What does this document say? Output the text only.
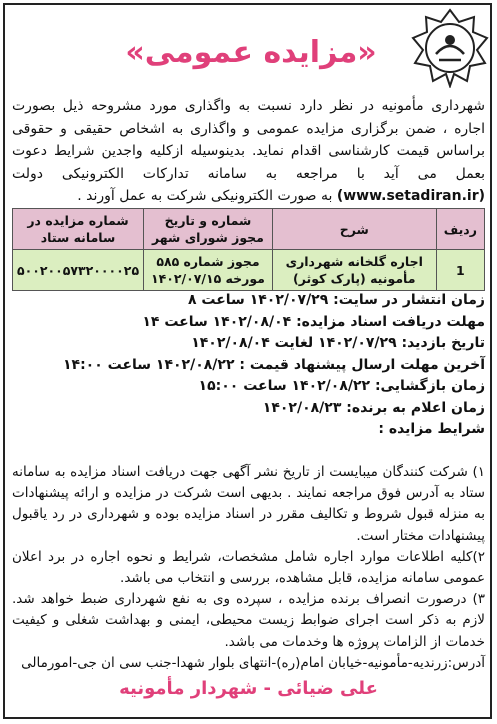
«مزایده عمومی»
شهرداری مأمونیه در نظر دارد نسبت به واگذاری مورد مشروحه ذیل بصورت اجاره ، ضمن برگزاری مزایده عمومی و واگذاری به اشخاص حقیقی و حقوقی براساس قیمت کارشناسی اقدام نماید. بدینوسیله ازکلیه واجدین شرایط دعوت بعمل می آید با مراجعه به سامانه تدارکات الکترونیکی دولت (www.setadiran.ir) به صورت الکترونیکی شرکت به عمل آورند .
ردیف	شرح	شماره و تاریخ مجوز شورای شهر	شماره مزایده در سامانه ستاد
1	اجاره گلخانه شهرداری مأمونیه (پارک کوثر)	مجوز شماره ۵۸۵ مورخه ۱۴۰۲/۰۷/۱۵	۵۰۰۲۰۰۵۷۳۲۰۰۰۰۲۵
زمان انتشار در سایت: ۱۴۰۲/۰۷/۲۹ ساعت ۸
مهلت دریافت اسناد مزایده: ۱۴۰۲/۰۸/۰۴ ساعت ۱۴
تاریخ بازدید: ۱۴۰۲/۰۷/۲۹ لغایت ۱۴۰۲/۰۸/۰۴
آخرین مهلت ارسال پیشنهاد قیمت : ۱۴۰۲/۰۸/۲۲ ساعت ۱۴:۰۰
زمان بازگشایی: ۱۴۰۲/۰۸/۲۲ ساعت ۱۵:۰۰
زمان اعلام به برنده: ۱۴۰۲/۰۸/۲۳
شرایط مزایده :
۱) شرکت کنندگان میبایست از تاریخ نشر آگهی جهت دریافت اسناد مزایده به سامانه ستاد به آدرس فوق مراجعه نمایند . بدیهی است شرکت در مزایده و ارائه پیشنهادات به منزله قبول شروط و تکالیف مقرر در اسناد مزایده بوده و شهرداری در رد یاقبول پیشنهادات مختار است.
۲)کلیه اطلاعات موارد اجاره شامل مشخصات، شرایط و نحوه اجاره در برد اعلان عمومی سامانه مزایده، قابل مشاهده، بررسی و انتخاب می باشد.
۳) درصورت انصراف برنده مزایده ، سپرده وی به نفع شهرداری ضبط خواهد شد. لازم به ذکر است اجرای ضوابط زیست محیطی، ایمنی و بهداشت شغلی و کیفیت خدمات از الزامات پروژه ها وخدمات می باشد.
آدرس:زرندیه-مأمونیه-خیابان امام(ره)-انتهای بلوار شهدا-جنب سی ان جی-امورمالی
علی ضیائی - شهردار مأمونیه
